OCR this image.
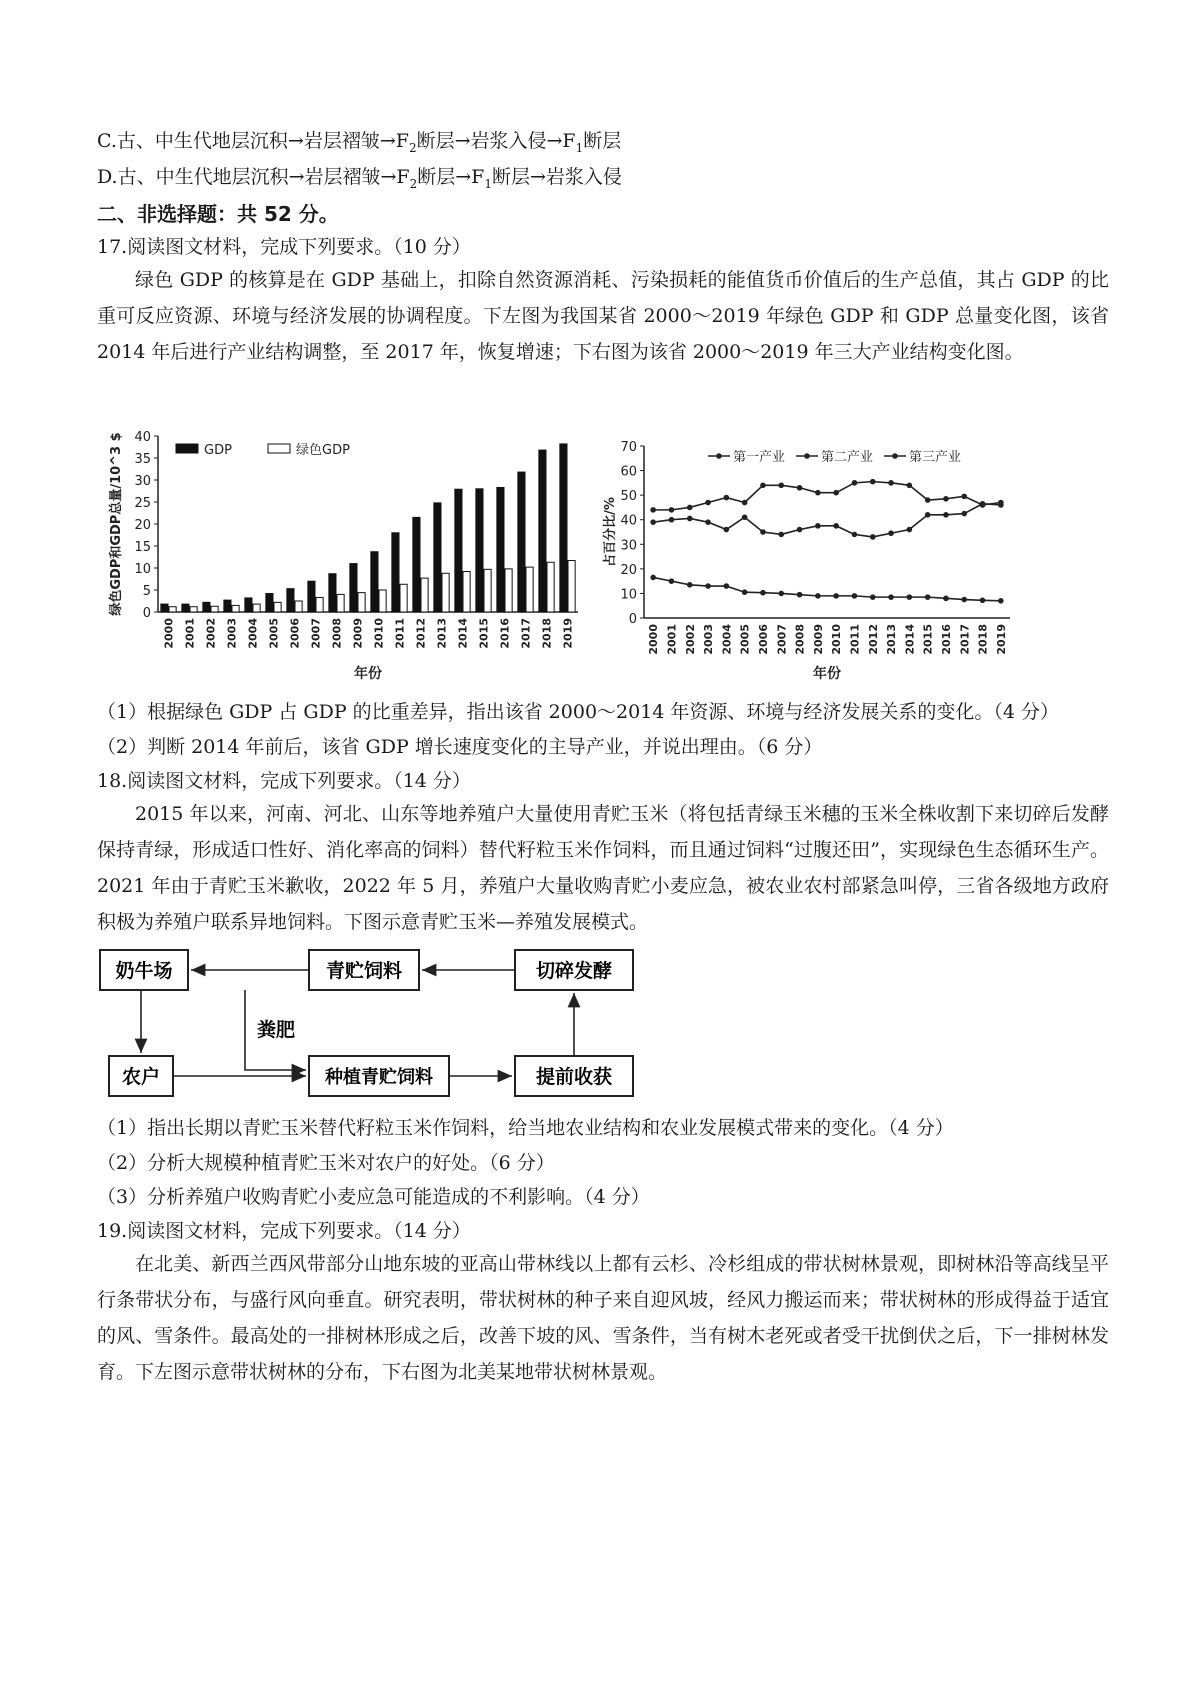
C.古、中生代地层沉积→岩层褶皱$\to F_2$断层→岩浆入侵$\to F_1$断层
D.古、中生代地层沉积→岩层褶皱$\to F_2$断层$\to F_1$断层→岩浆入侵
二、非选择题：共 52 分。
17.阅读图文材料，完成下列要求。（10 分）
绿色 GDP 的核算是在 GDP 基础上，扣除自然资源消耗、污染损耗的能值货币价值后的生产总值，其占 GDP 的比重可反应资源、环境与经济发展的协调程度。下左图为我国某省 2000～2019 年绿色 GDP 和 GDP 总量变化图，该省 2014 年后进行产业结构调整，至 2017 年，恢复增速；下右图为该省 2000～2019 年三大产业结构变化图。
0
5
10
15
20
25
30
35
40
2000 2001 2002 2003 2004 2005 2006 2007 2008 2009 2010 2011 2012 2013 2014 2015 2016 2017 2018 2019
年份
绿色GDP和GDP总量/10^3 $	GDP	绿色GDP
0
10
20
30
40
50
60
70
2000 2001 2002 2003 2004 2005 2006 2007 2008 2009 2010 2011 2012 2013 2014 2015 2016 2017 2018 2019
年份
占百分比/%
第一产业	第二产业	第三产业
（1）根据绿色 GDP 占 GDP 的比重差异，指出该省 2000～2014 年资源、环境与经济发展关系的变化。（4 分）
（2）判断 2014 年前后，该省 GDP 增长速度变化的主导产业，并说出理由。（6 分）
18.阅读图文材料，完成下列要求。（14 分）
2015 年以来，河南、河北、山东等地养殖户大量使用青贮玉米（将包括青绿玉米穗的玉米全株收割下来切碎后发酵保持青绿，形成适口性好、消化率高的饲料）替代籽粒玉米作饲料，而且通过饲料“过腹还田”，实现绿色生态循环生产。2021 年由于青贮玉米歉收，2022 年 5 月，养殖户大量收购青贮小麦应急，被农业农村部紧急叫停，三省各级地方政府积极为养殖户联系异地饲料。下图示意青贮玉米—养殖发展模式。
奶牛场	青贮饲料	切碎发酵
农户	种植青贮饲料	提前收获
粪肥
（1）指出长期以青贮玉米替代籽粒玉米作饲料，给当地农业结构和农业发展模式带来的变化。（4 分）
（2）分析大规模种植青贮玉米对农户的好处。（6 分）
（3）分析养殖户收购青贮小麦应急可能造成的不利影响。（4 分）
19.阅读图文材料，完成下列要求。（14 分）
在北美、新西兰西风带部分山地东坡的亚高山带林线以上都有云杉、冷杉组成的带状树林景观，即树林沿等高线呈平行条带状分布，与盛行风向垂直。研究表明，带状树林的种子来自迎风坡，经风力搬运而来；带状树林的形成得益于适宜的风、雪条件。最高处的一排树林形成之后，改善下坡的风、雪条件，当有树木老死或者受干扰倒伏之后，下一排树林发育。下左图示意带状树林的分布，下右图为北美某地带状树林景观。
